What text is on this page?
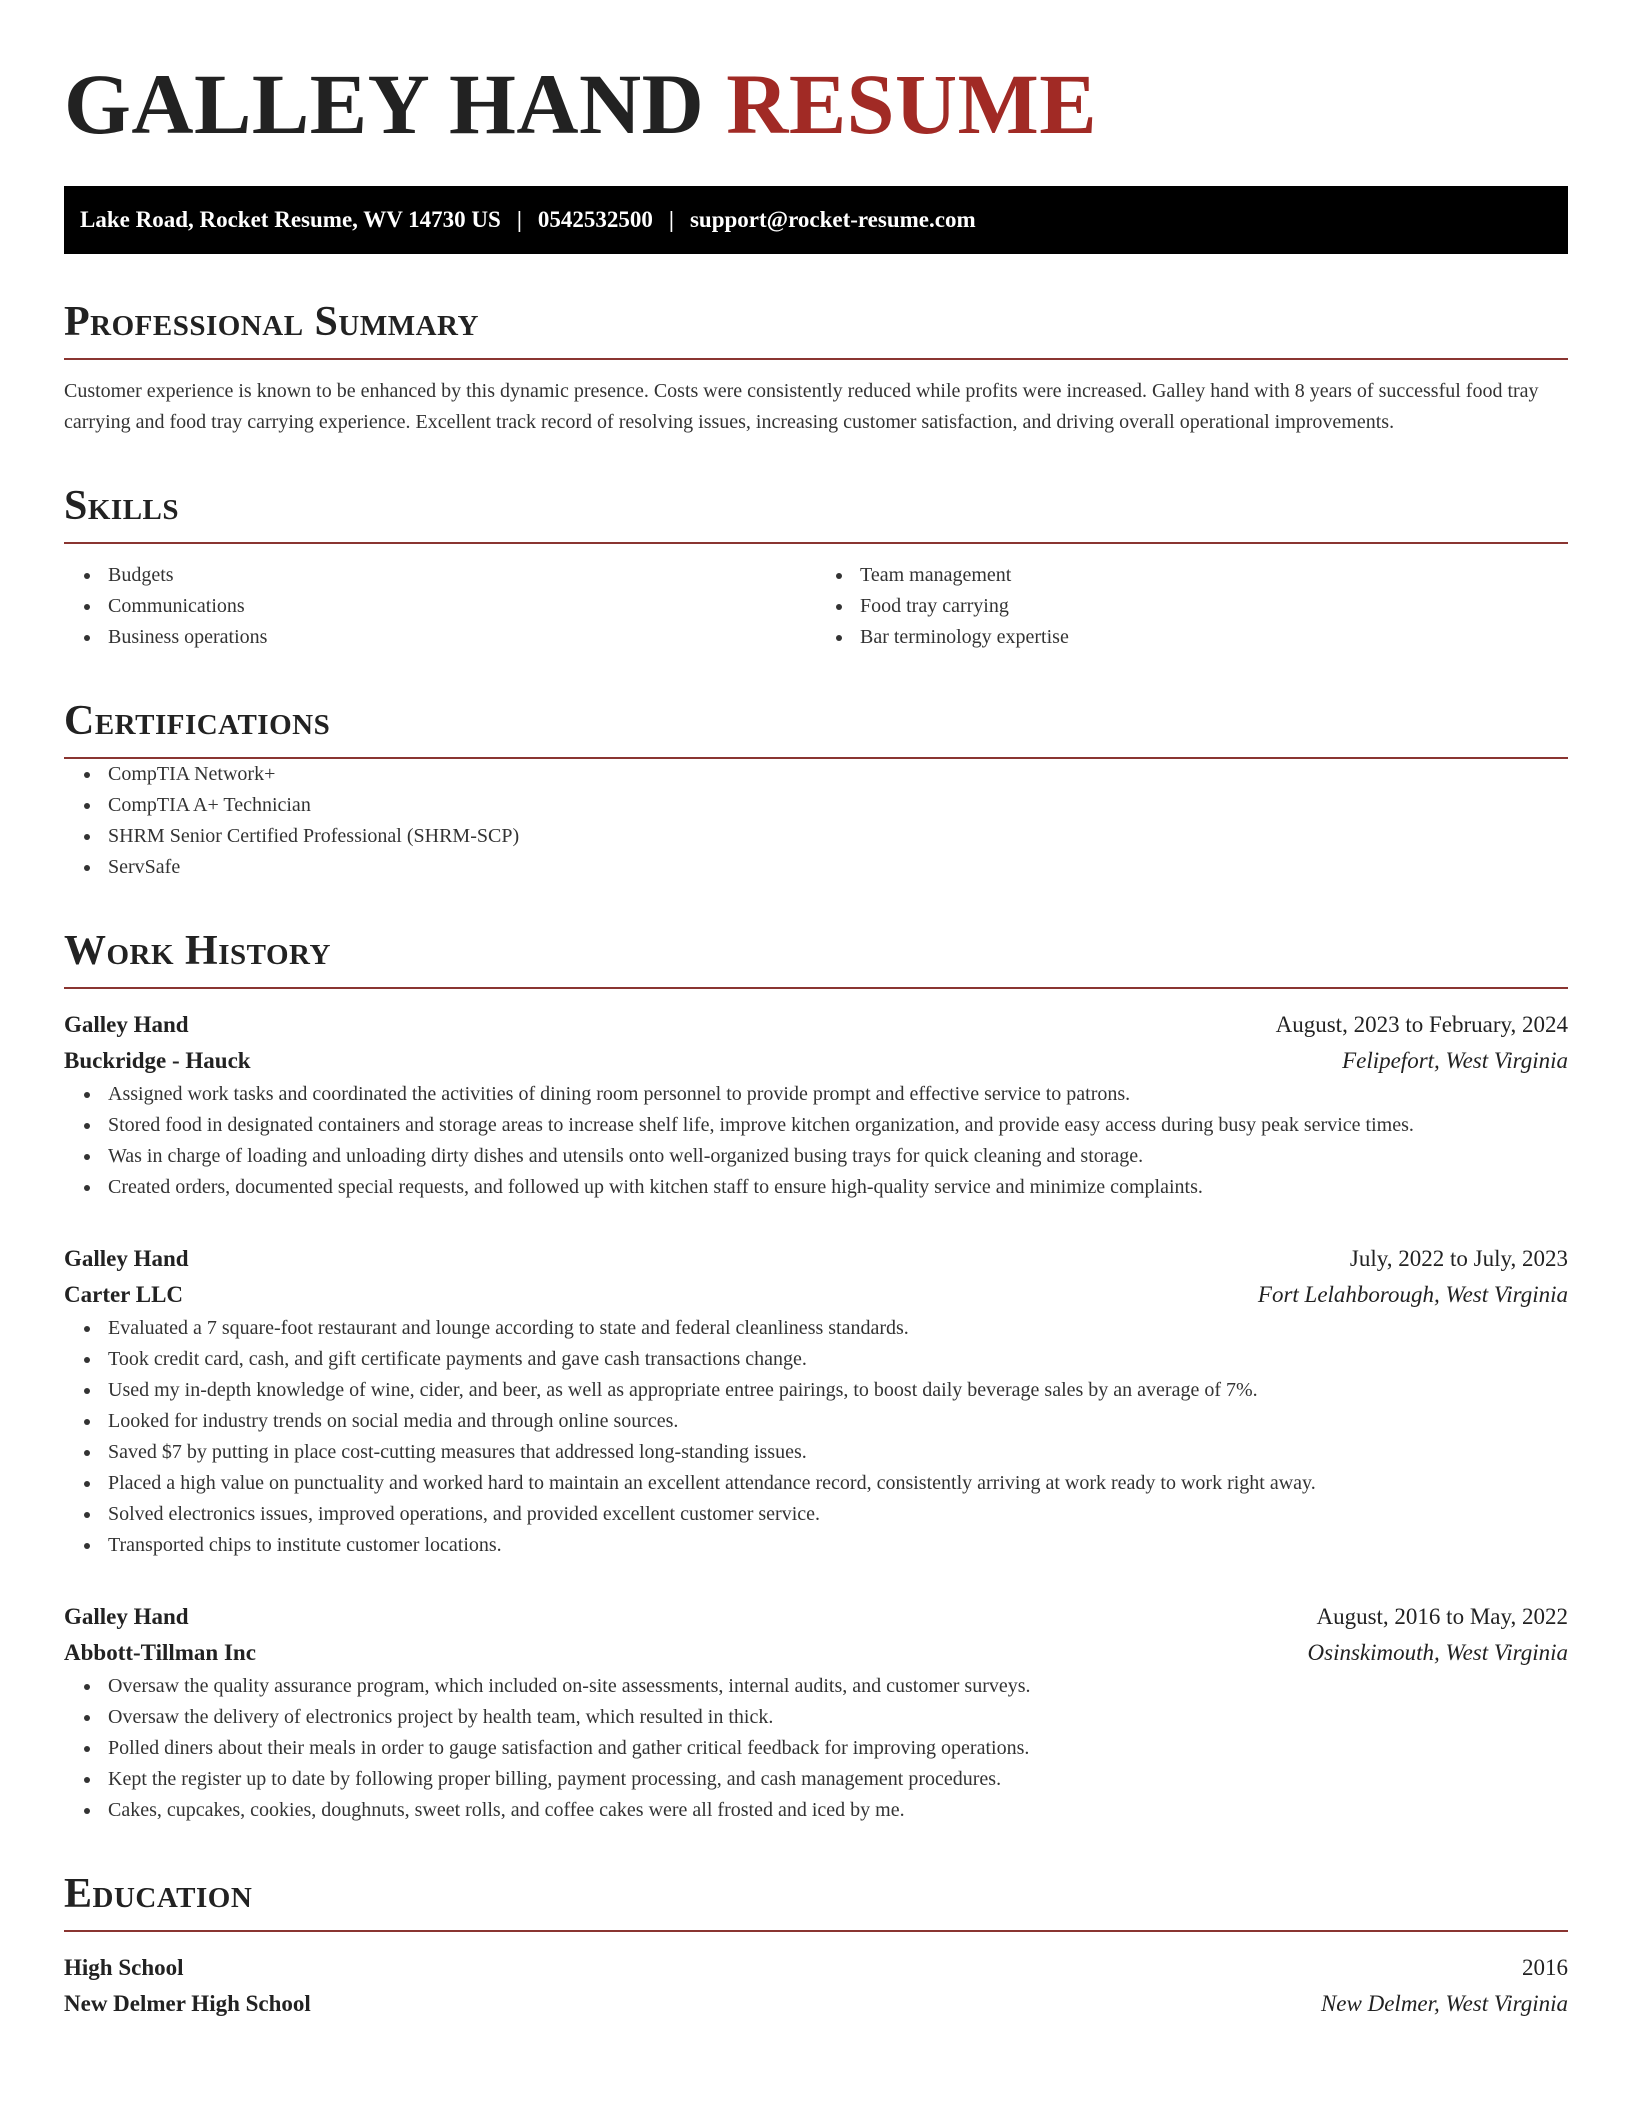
GALLEY HAND RESUME
Lake Road, Rocket Resume, WV 14730 US | 0542532500 | support@rocket-resume.com
Professional Summary

Customer experience is known to be enhanced by this dynamic presence. Costs were consistently reduced while profits were increased. Galley hand with 8 years of successful food tray carrying and food tray carrying experience. Excellent track record of resolving issues, increasing customer satisfaction, and driving overall operational improvements.

Skills
Budgets
Communications
Business operations
Team management
Food tray carrying
Bar terminology expertise
Certifications
CompTIA Network+
CompTIA A+ Technician
SHRM Senior Certified Professional (SHRM-SCP)
ServSafe
Work History
Galley Hand	August, 2023 to February, 2024
Buckridge - Hauck	Felipefort, West Virginia
Assigned work tasks and coordinated the activities of dining room personnel to provide prompt and effective service to patrons.
Stored food in designated containers and storage areas to increase shelf life, improve kitchen organization, and provide easy access during busy peak service times.
Was in charge of loading and unloading dirty dishes and utensils onto well-organized busing trays for quick cleaning and storage.
Created orders, documented special requests, and followed up with kitchen staff to ensure high-quality service and minimize complaints.
Galley Hand	July, 2022 to July, 2023
Carter LLC	Fort Lelahborough, West Virginia
Evaluated a 7 square-foot restaurant and lounge according to state and federal cleanliness standards.
Took credit card, cash, and gift certificate payments and gave cash transactions change.
Used my in-depth knowledge of wine, cider, and beer, as well as appropriate entree pairings, to boost daily beverage sales by an average of 7%.
Looked for industry trends on social media and through online sources.
Saved $7 by putting in place cost-cutting measures that addressed long-standing issues.
Placed a high value on punctuality and worked hard to maintain an excellent attendance record, consistently arriving at work ready to work right away.
Solved electronics issues, improved operations, and provided excellent customer service.
Transported chips to institute customer locations.
Galley Hand	August, 2016 to May, 2022
Abbott-Tillman Inc	Osinskimouth, West Virginia
Oversaw the quality assurance program, which included on-site assessments, internal audits, and customer surveys.
Oversaw the delivery of electronics project by health team, which resulted in thick.
Polled diners about their meals in order to gauge satisfaction and gather critical feedback for improving operations.
Kept the register up to date by following proper billing, payment processing, and cash management procedures.
Cakes, cupcakes, cookies, doughnuts, sweet rolls, and coffee cakes were all frosted and iced by me.
Education
High School	2016
New Delmer High School	New Delmer, West Virginia
